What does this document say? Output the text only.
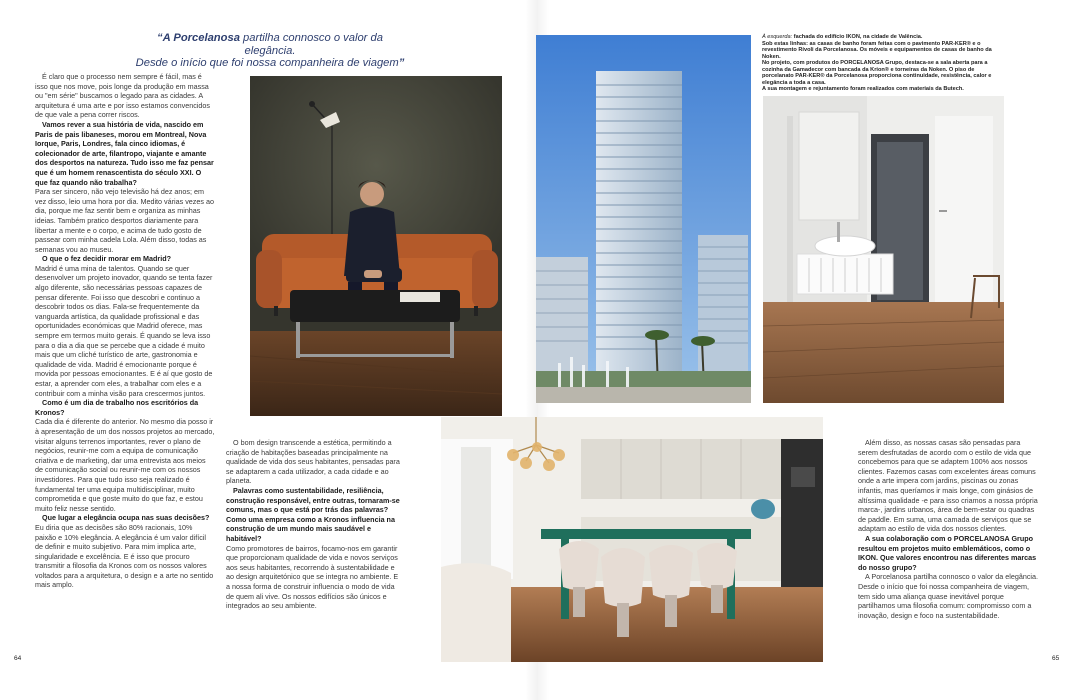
“A Porcelanosa partilha connosco o valor da elegância.
Desde o início que foi nossa companheira de viagem”

É claro que o processo nem sempre é fácil, mas é isso que nos move, pois longe da produção em massa ou "em série" buscamos o legado para as cidades. A arquitetura é uma arte e por isso estamos convencidos de que vale a pena correr riscos.

Vamos rever a sua história de vida, nascido em Paris de pais libaneses, morou em Montreal, Nova Iorque, Paris, Londres, fala cinco idiomas, é colecionador de arte, filantropo, viajante e amante dos desportos na natureza. Tudo isso me faz pensar que é um homem renascentista do século XXI. O que faz quando não trabalha?

Para ser sincero, não vejo televisão há dez anos; em vez disso, leio uma hora por dia. Medito várias vezes ao dia, porque me faz sentir bem e organiza as minhas ideias. Também pratico desportos diariamente para libertar a mente e o corpo, e acima de tudo gosto de passear com minha cadela Lola. Além disso, todas as semanas vou ao museu.

O que o fez decidir morar em Madrid?

Madrid é uma mina de talentos. Quando se quer desenvolver um projeto inovador, quando se tenta fazer algo diferente, são necessárias pessoas capazes de pensar diferente. Foi isso que descobri e continuo a descobrir todos os dias. Fala-se frequentemente da vanguarda artística, da qualidade profissional e das oportunidades económicas que Madrid oferece, mas sempre em termos muito gerais. É quando se leva isso para o dia a dia que se percebe que a cidade é muito mais que um cliché turístico de arte, gastronomia e qualidade de vida. Madrid é emocionante porque é movida por pessoas emocionantes. E é aí que gosto de estar, a aprender com eles, a trabalhar com eles e a contribuir com a minha visão para crescermos juntos.

Como é um dia de trabalho nos escritórios da Kronos?

Cada dia é diferente do anterior. No mesmo dia posso ir à apresentação de um dos nossos projetos ao mercado, visitar alguns terrenos importantes, rever o plano de negócios, reunir-me com a equipa de comunicação criativa e de marketing, dar uma entrevista aos meios de comunicação social ou reunir-me com os nossos investidores. Para que tudo isso seja realizado é fundamental ter uma equipa multidisciplinar, muito comprometida e que goste muito do que faz, e estou muito feliz nesse sentido.

Que lugar a elegância ocupa nas suas decisões?

Eu diria que as decisões são 80% racionais, 10% paixão e 10% elegância. A elegância é um valor difícil de definir e muito subjetivo. Para mim implica arte, singularidade e excelência. E é isso que procuro transmitir a filosofia da Kronos com os nossos valores voltados para a arquitetura, o design e a arte no sentido mais amplo.

O bom design transcende a estética, permitindo a criação de habitações baseadas principalmente na qualidade de vida dos seus habitantes, pensadas para se adaptarem a cada utilizador, a cada cidade e ao planeta.

Palavras como sustentabilidade, resiliência, construção responsável, entre outras, tornaram-se comuns, mas o que está por trás das palavras? Como uma empresa como a Kronos influencia na construção de um mundo mais saudável e habitável?

Como promotores de bairros, focamo-nos em garantir que proporcionam qualidade de vida e novos serviços aos seus habitantes, recorrendo à sustentabilidade e ao design arquitetónico que se integra no ambiente. E a nossa forma de construir influencia o modo de vida de quem ali vive. Os nossos edifícios são únicos e integrados ao seu ambiente.

Além disso, as nossas casas são pensadas para serem desfrutadas de acordo com o estilo de vida que concebemos para que se adaptem 100% aos nossos clientes. Fazemos casas com excelentes áreas comuns onde a arte impera com jardins, piscinas ou zonas infantis, mas queríamos ir mais longe, com ginásios de altíssima qualidade -e para isso criamos a nossa própria marca-, jardins urbanos, área de bem-estar ou quadras de paddle. Em suma, uma camada de serviços que se adaptam ao estilo de vida dos nossos clientes.

A sua colaboração com o PORCELANOSA Grupo resultou em projetos muito emblemáticos, como o IKON. Que valores encontrou nas diferentes marcas do nosso grupo?

A Porcelanosa partilha connosco o valor da elegância. Desde o início que foi nossa companheira de viagem, tem sido uma aliança quase inevitável porque partilhamos uma filosofia comum: compromisso com a inovação, design e foco na sustentabilidade.

À esquerda: fachada do edifício IKON, na cidade de Valência.
Sob estas linhas: as casas de banho foram feitas com o pavimento PAR-KER® e o revestimento Rívoli da Porcelanosa. Os móveis e equipamentos de casas de banho da Noken.
No projeto, com produtos do PORCELANOSA Grupo, destaca-se a sala aberta para a cozinha da Gamadecor com bancada da Krion® e torneiras da Noken. O piso de porcelanato PAR-KER® da Porcelanosa proporciona continuidade, resistência, calor e elegância a toda a casa.
A sua montagem e rejuntamento foram realizados com materiais da Butech.
64	65
